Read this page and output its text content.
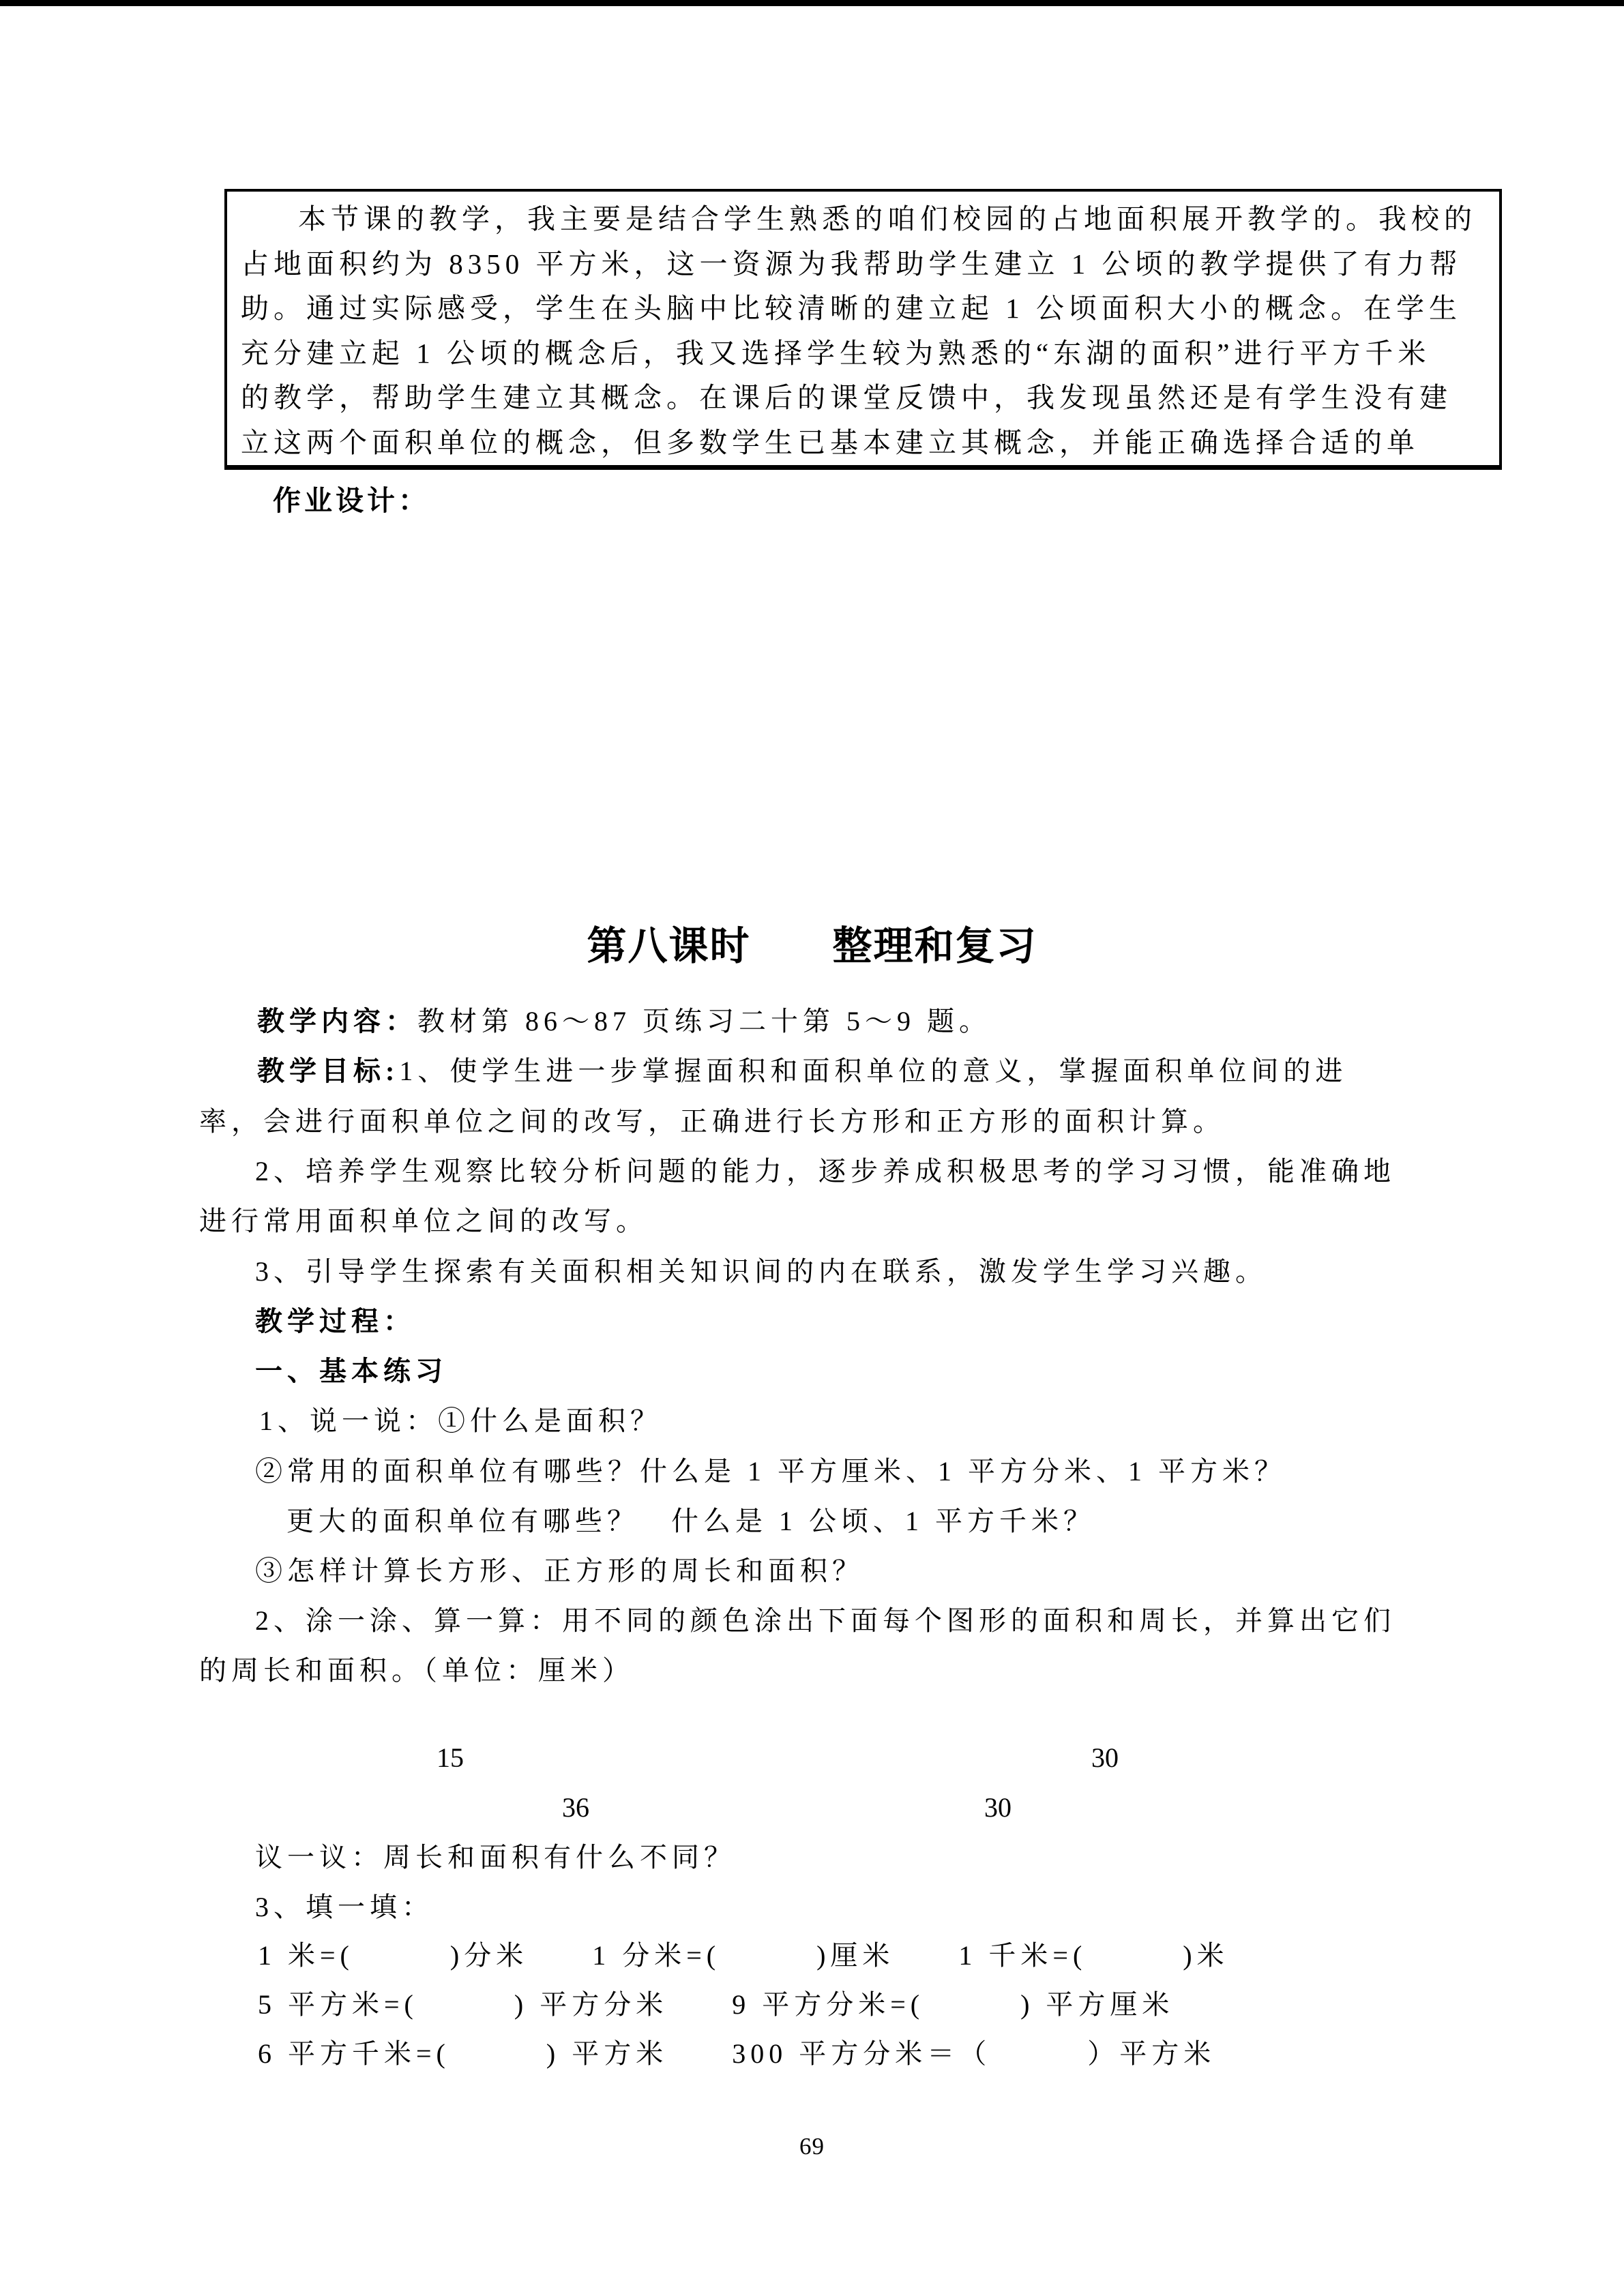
本节课的教学，我主要是结合学生熟悉的咱们校园的占地面积展开教学的。我校的
占地面积约为 8350 平方米，这一资源为我帮助学生建立 1 公顷的教学提供了有力帮
助。通过实际感受，学生在头脑中比较清晰的建立起 1 公顷面积大小的概念。在学生
充分建立起 1 公顷的概念后，我又选择学生较为熟悉的“东湖的面积”进行平方千米
的教学，帮助学生建立其概念。在课后的课堂反馈中，我发现虽然还是有学生没有建
立这两个面积单位的概念，但多数学生已基本建立其概念，并能正确选择合适的单
作业设计：
第八课时　　整理和复习
教学内容：教材第 86～87 页练习二十第 5～9 题。
教学目标:1、使学生进一步掌握面积和面积单位的意义，掌握面积单位间的进
率，会进行面积单位之间的改写，正确进行长方形和正方形的面积计算。
2、培养学生观察比较分析问题的能力，逐步养成积极思考的学习习惯，能准确地
进行常用面积单位之间的改写。
3、引导学生探索有关面积相关知识间的内在联系，激发学生学习兴趣。
教学过程：
一、基本练习
1、说一说：①什么是面积？
②常用的面积单位有哪些？什么是 1 平方厘米、1 平方分米、1 平方米？
更大的面积单位有哪些？　什么是 1 公顷、1 平方千米？
③怎样计算长方形、正方形的周长和面积？
2、涂一涂、算一算：用不同的颜色涂出下面每个图形的面积和周长，并算出它们
的周长和面积。（单位：厘米）
15	30
36	30
议一议：周长和面积有什么不同？
3、填一填：
1 米=(　　　)分米　　1 分米=(　　　)厘米　　1 千米=(　　　)米
5 平方米=(　　　) 平方分米　　9 平方分米=(　　　) 平方厘米
6 平方千米=(　　　) 平方米　　300 平方分米＝（　　　）平方米
69
